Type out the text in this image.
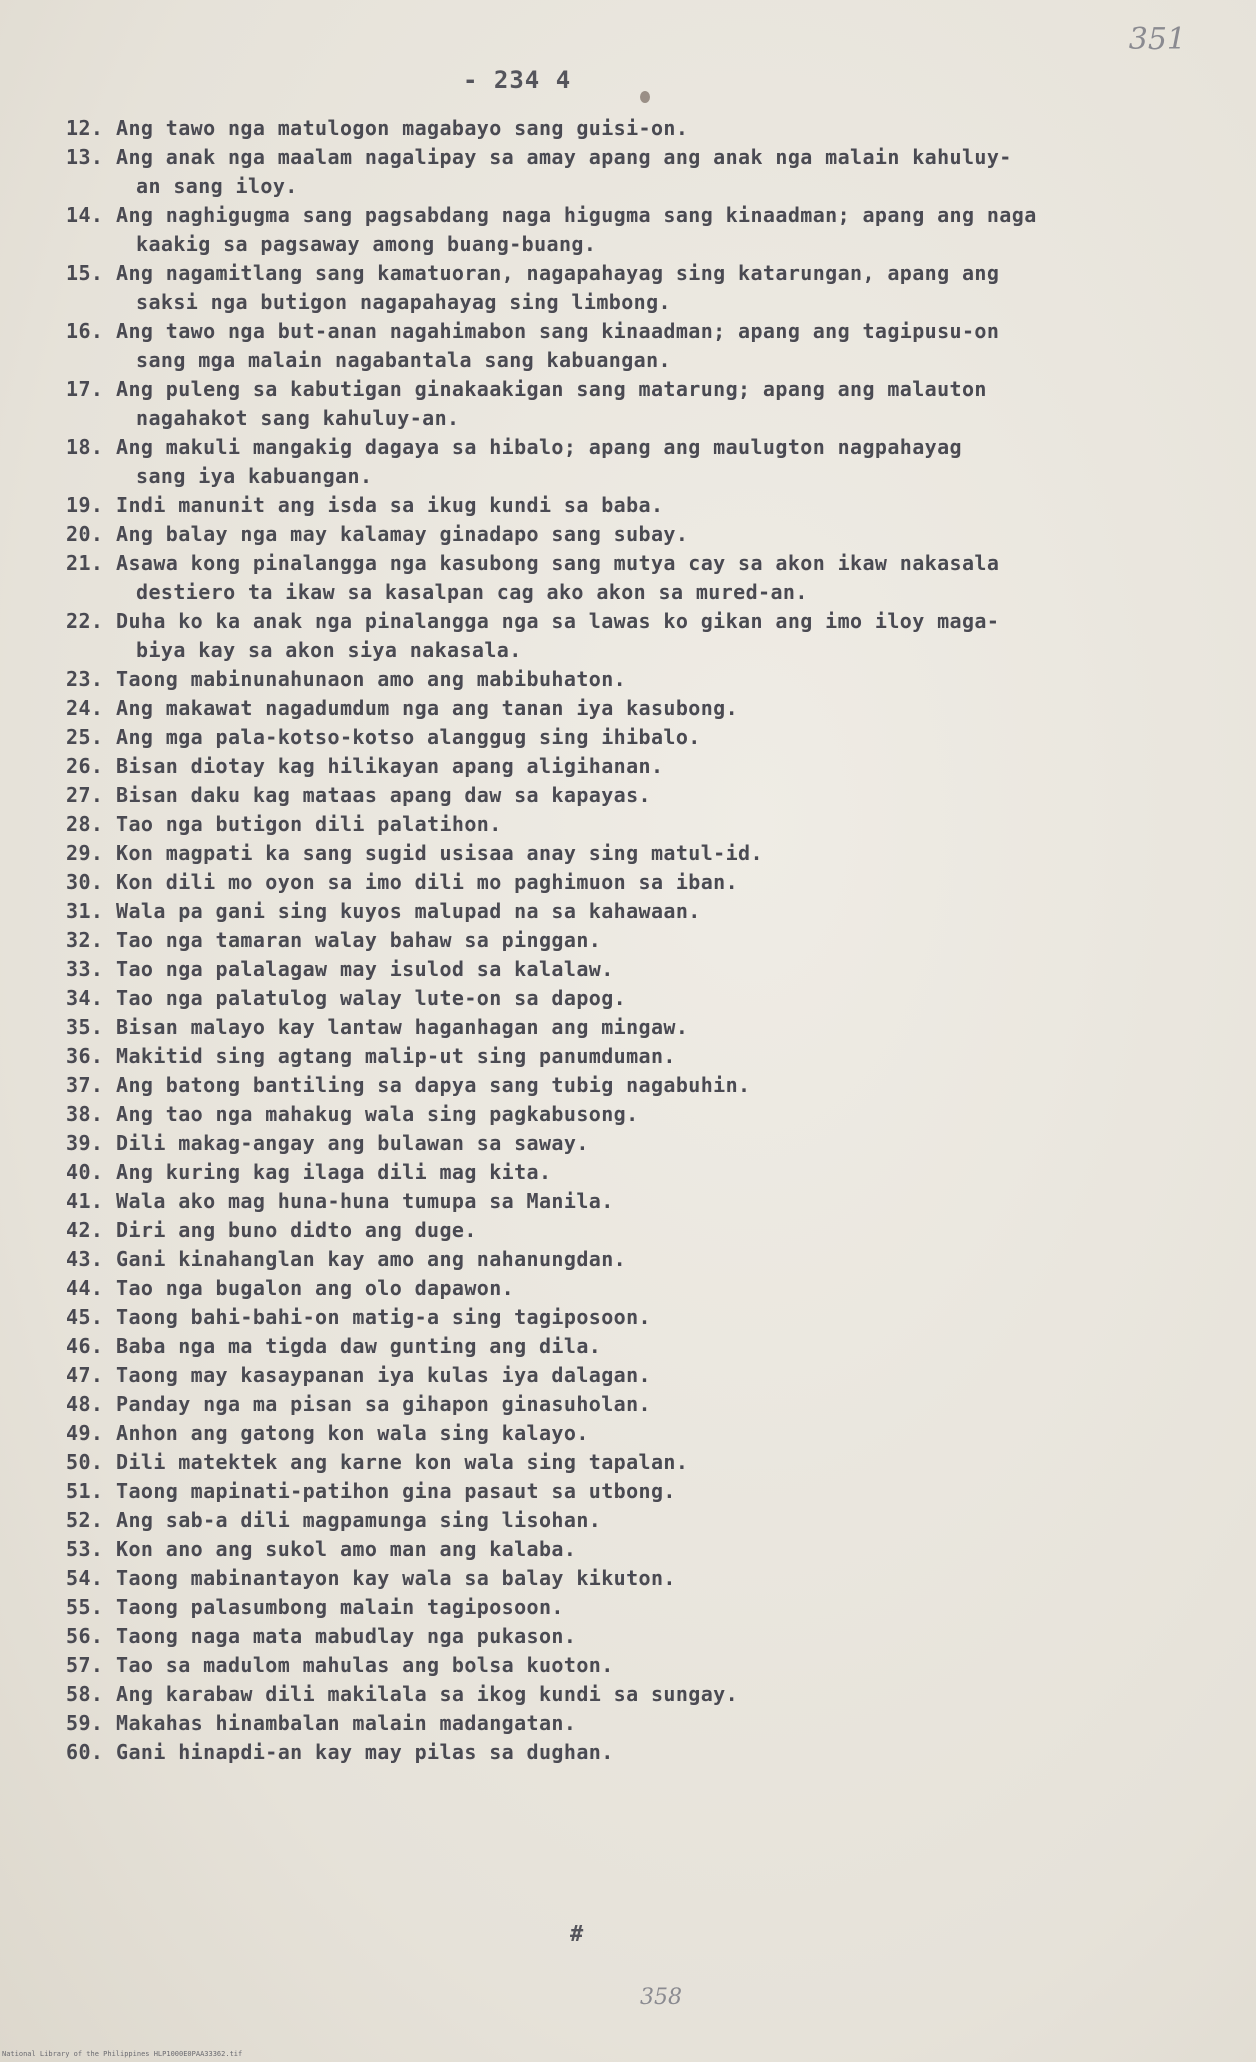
351
- 234 4
12. Ang tawo nga matulogon magabayo sang guisi-on.
13. Ang anak nga maalam nagalipay sa amay apang ang anak nga malain kahuluy-
an sang iloy.
14. Ang naghigugma sang pagsabdang naga higugma sang kinaadman; apang ang naga
kaakig sa pagsaway among buang-buang.
15. Ang nagamitlang sang kamatuoran, nagapahayag sing katarungan, apang ang
saksi nga butigon nagapahayag sing limbong.
16. Ang tawo nga but-anan nagahimabon sang kinaadman; apang ang tagipusu-on
sang mga malain nagabantala sang kabuangan.
17. Ang puleng sa kabutigan ginakaakigan sang matarung; apang ang malauton
nagahakot sang kahuluy-an.
18. Ang makuli mangakig dagaya sa hibalo; apang ang maulugton nagpahayag
sang iya kabuangan.
19. Indi manunit ang isda sa ikug kundi sa baba.
20. Ang balay nga may kalamay ginadapo sang subay.
21. Asawa kong pinalangga nga kasubong sang mutya cay sa akon ikaw nakasala
destiero ta ikaw sa kasalpan cag ako akon sa mured-an.
22. Duha ko ka anak nga pinalangga nga sa lawas ko gikan ang imo iloy maga-
biya kay sa akon siya nakasala.
23. Taong mabinunahunaon amo ang mabibuhaton.
24. Ang makawat nagadumdum nga ang tanan iya kasubong.
25. Ang mga pala-kotso-kotso alanggug sing ihibalo.
26. Bisan diotay kag hilikayan apang aligihanan.
27. Bisan daku kag mataas apang daw sa kapayas.
28. Tao nga butigon dili palatihon.
29. Kon magpati ka sang sugid usisaa anay sing matul-id.
30. Kon dili mo oyon sa imo dili mo paghimuon sa iban.
31. Wala pa gani sing kuyos malupad na sa kahawaan.
32. Tao nga tamaran walay bahaw sa pinggan.
33. Tao nga palalagaw may isulod sa kalalaw.
34. Tao nga palatulog walay lute-on sa dapog.
35. Bisan malayo kay lantaw haganhagan ang mingaw.
36. Makitid sing agtang malip-ut sing panumduman.
37. Ang batong bantiling sa dapya sang tubig nagabuhin.
38. Ang tao nga mahakug wala sing pagkabusong.
39. Dili makag-angay ang bulawan sa saway.
40. Ang kuring kag ilaga dili mag kita.
41. Wala ako mag huna-huna tumupa sa Manila.
42. Diri ang buno didto ang duge.
43. Gani kinahanglan kay amo ang nahanungdan.
44. Tao nga bugalon ang olo dapawon.
45. Taong bahi-bahi-on matig-a sing tagiposoon.
46. Baba nga ma tigda daw gunting ang dila.
47. Taong may kasaypanan iya kulas iya dalagan.
48. Panday nga ma pisan sa gihapon ginasuholan.
49. Anhon ang gatong kon wala sing kalayo.
50. Dili matektek ang karne kon wala sing tapalan.
51. Taong mapinati-patihon gina pasaut sa utbong.
52. Ang sab-a dili magpamunga sing lisohan.
53. Kon ano ang sukol amo man ang kalaba.
54. Taong mabinantayon kay wala sa balay kikuton.
55. Taong palasumbong malain tagiposoon.
56. Taong naga mata mabudlay nga pukason.
57. Tao sa madulom mahulas ang bolsa kuoton.
58. Ang karabaw dili makilala sa ikog kundi sa sungay.
59. Makahas hinambalan malain madangatan.
60. Gani hinapdi-an kay may pilas sa dughan.
#
358
National Library of the Philippines HLP1000E0PAA33362.tif
